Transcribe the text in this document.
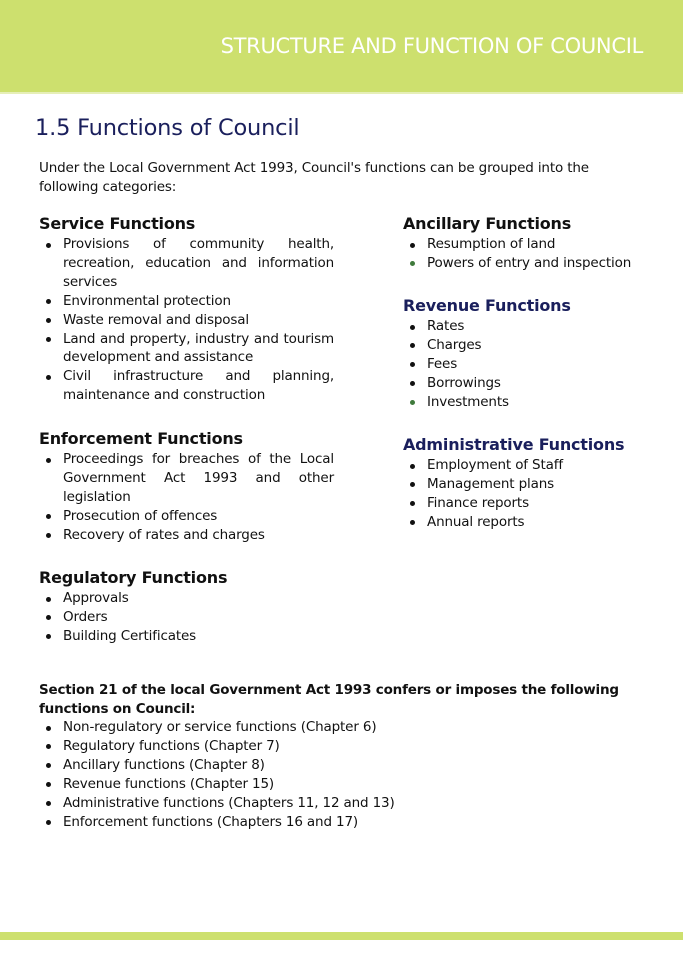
STRUCTURE AND FUNCTION OF COUNCIL
1.5 Functions of Council

Under the Local Government Act 1993, Council's functions can be grouped into the following categories:

Service Functions
Provisions of community health, recreation, education and information services
Environmental protection
Waste removal and disposal
Land and property, industry and tourism development and assistance
Civil infrastructure and planning, maintenance and construction
Enforcement Functions
Proceedings for breaches of the Local Government Act 1993 and other legislation
Prosecution of offences
Recovery of rates and charges
Regulatory Functions
Approvals
Orders
Building Certificates
Ancillary Functions
Resumption of land
Powers of entry and inspection
Revenue Functions
Rates
Charges
Fees
Borrowings
Investments
Administrative Functions
Employment of Staff
Management plans
Finance reports
Annual reports

Section 21 of the local Government Act 1993 confers or imposes the following functions on Council:

Non-regulatory or service functions (Chapter 6)
Regulatory functions (Chapter 7)
Ancillary functions (Chapter 8)
Revenue functions (Chapter 15)
Administrative functions (Chapters 11, 12 and 13)
Enforcement functions (Chapters 16 and 17)
